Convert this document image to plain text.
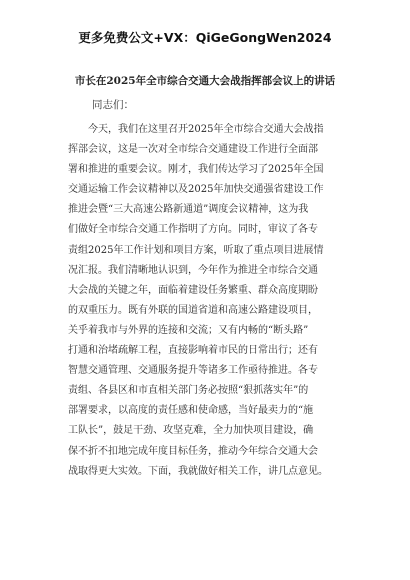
更多免费公文+VX：QiGeGongWen2024
市长在2025年全市综合交通大会战指挥部会议上的讲话
同志们：
今天，我们在这里召开2025年全市综合交通大会战指
挥部会议，这是一次对全市综合交通建设工作进行全面部
署和推进的重要会议。刚才，我们传达学习了2025年全国
交通运输工作会议精神以及2025年加快交通强省建设工作
推进会暨“三大高速公路新通道”调度会议精神，这为我
们做好全市综合交通工作指明了方向。同时，审议了各专
责组2025年工作计划和项目方案，听取了重点项目进展情
况汇报。我们清晰地认识到，今年作为推进全市综合交通
大会战的关键之年，面临着建设任务繁重、群众高度期盼
的双重压力。既有外联的国道省道和高速公路建设项目，
关乎着我市与外界的连接和交流；又有内畅的“断头路”
打通和治堵疏解工程，直接影响着市民的日常出行；还有
智慧交通管理、交通服务提升等诸多工作亟待推进。各专
责组、各县区和市直相关部门务必按照“狠抓落实年”的
部署要求，以高度的责任感和使命感，当好最卖力的“施
工队长”，鼓足干劲、攻坚克难，全力加快项目建设，确
保不折不扣地完成年度目标任务，推动今年综合交通大会
战取得更大实效。下面，我就做好相关工作，讲几点意见。
